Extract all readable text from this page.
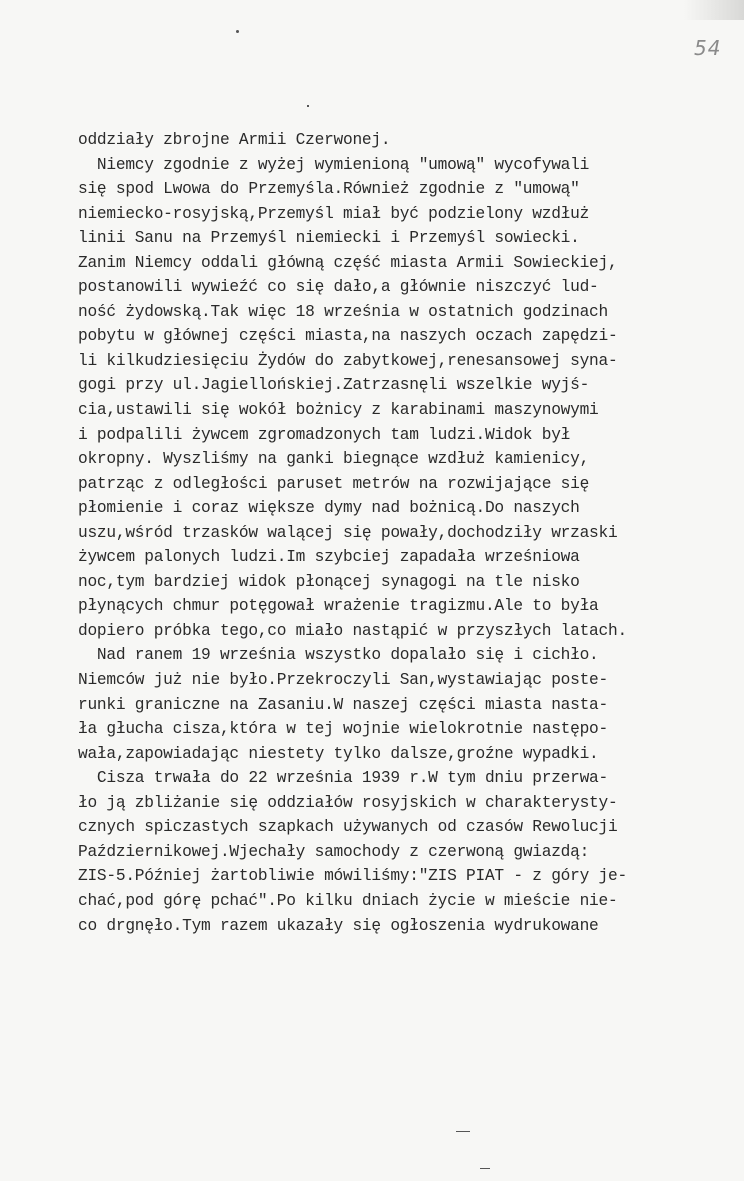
54
oddziały zbrojne Armii Czerwonej.
Niemcy zgodnie z wyżej wymienioną "umową" wycofywali
się spod Lwowa do Przemyśla.Również zgodnie z "umową"
niemiecko-rosyjską,Przemyśl miał być podzielony wzdłuż
linii Sanu na Przemyśl niemiecki i Przemyśl sowiecki.
Zanim Niemcy oddali główną część miasta Armii Sowieckiej,
postanowili wywieźć co się dało,a głównie niszczyć lud-
ność żydowską.Tak więc 18 września w ostatnich godzinach
pobytu w głównej części miasta,na naszych oczach zapędzi-
li kilkudziesięciu Żydów do zabytkowej,renesansowej syna-
gogi przy ul.Jagiellońskiej.Zatrzasnęli wszelkie wyjś-
cia,ustawili się wokół bożnicy z karabinami maszynowymi
i podpalili żywcem zgromadzonych tam ludzi.Widok był
okropny. Wyszliśmy na ganki biegnące wzdłuż kamienicy,
patrząc z odległości paruset metrów na rozwijające się
płomienie i coraz większe dymy nad bożnicą.Do naszych
uszu,wśród trzasków walącej się powały,dochodziły wrzaski
żywcem palonych ludzi.Im szybciej zapadała wrześniowa
noc,tym bardziej widok płonącej synagogi na tle nisko
płynących chmur potęgował wrażenie tragizmu.Ale to była
dopiero próbka tego,co miało nastąpić w przyszłych latach.
Nad ranem 19 września wszystko dopalało się i cichło.
Niemców już nie było.Przekroczyli San,wystawiając poste-
runki graniczne na Zasaniu.W naszej części miasta nasta-
ła głucha cisza,która w tej wojnie wielokrotnie następo-
wała,zapowiadając niestety tylko dalsze,groźne wypadki.
Cisza trwała do 22 września 1939 r.W tym dniu przerwa-
ło ją zbliżanie się oddziałów rosyjskich w charakterysty-
cznych spiczastych szapkach używanych od czasów Rewolucji
Październikowej.Wjechały samochody z czerwoną gwiazdą:
ZIS-5.Później żartobliwie mówiliśmy:"ZIS PIAT - z góry je-
chać,pod górę pchać".Po kilku dniach życie w mieście nie-
co drgnęło.Tym razem ukazały się ogłoszenia wydrukowane
